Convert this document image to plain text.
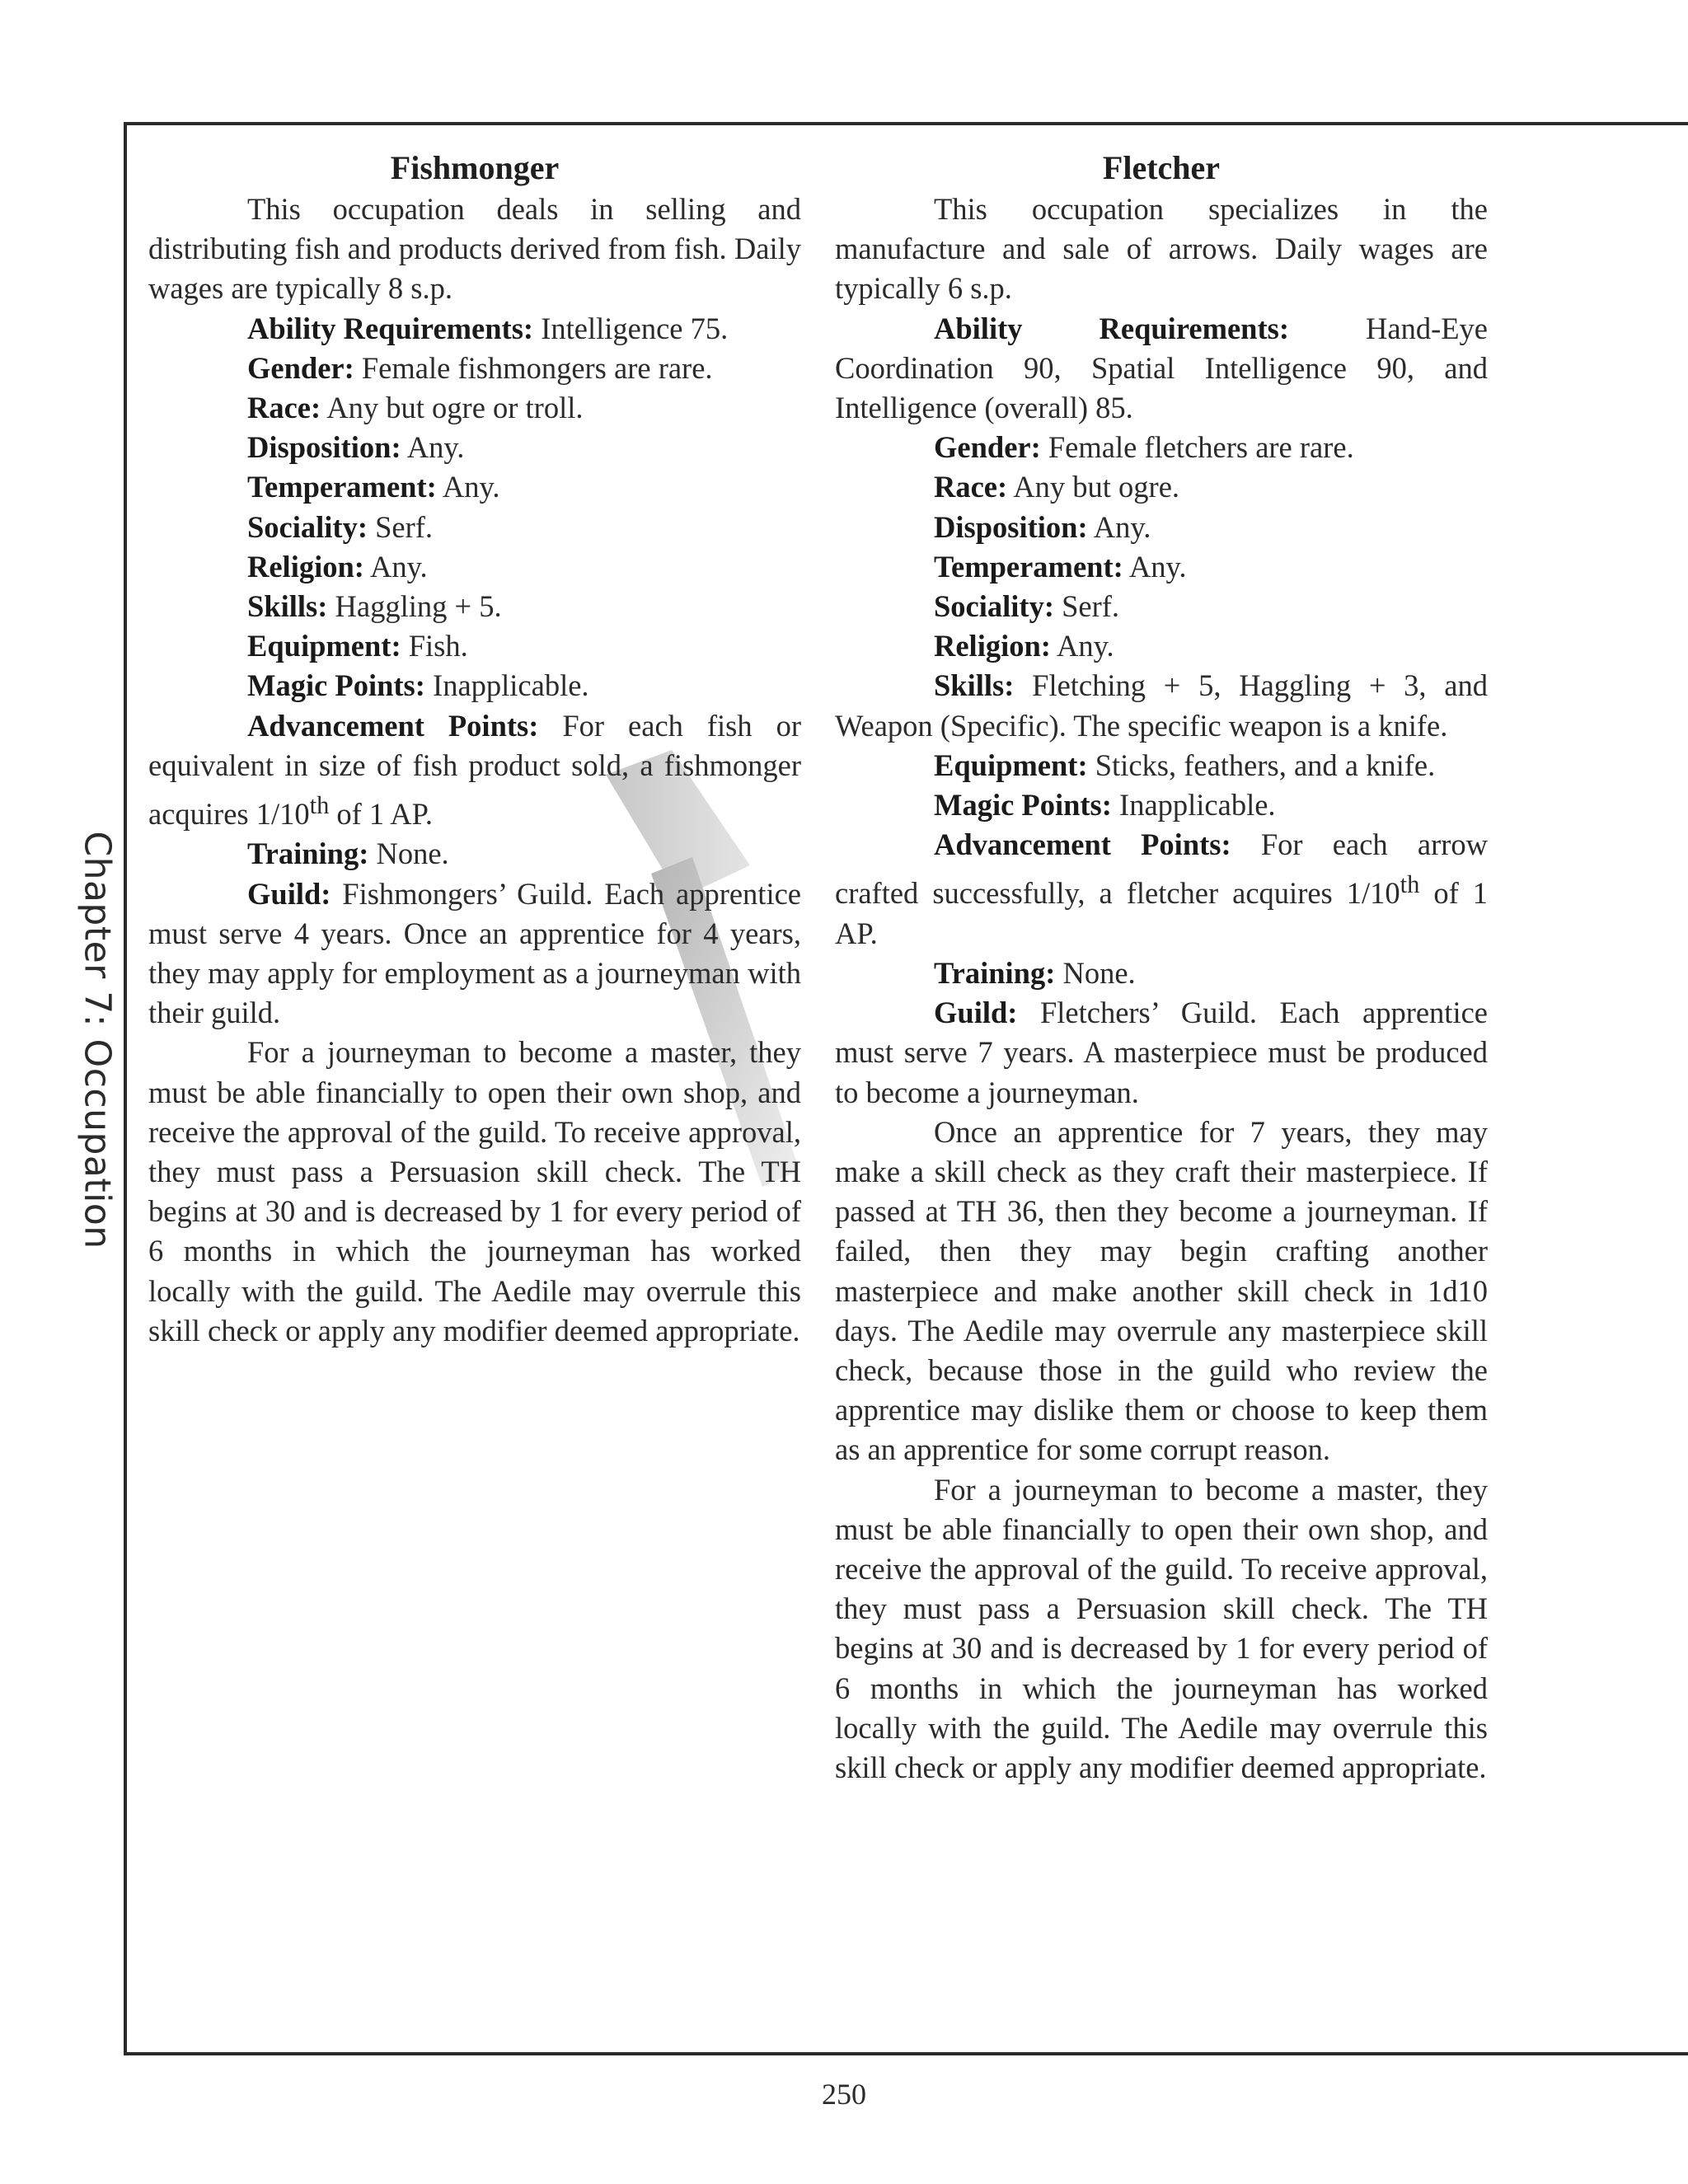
Chapter 7: Occupation
Fishmonger

This occupation deals in selling and distributing fish and products derived from fish. Daily wages are typically 8 s.p.

Ability Requirements: Intelligence 75.

Gender: Female fishmongers are rare.

Race: Any but ogre or troll.

Disposition: Any.

Temperament: Any.

Sociality: Serf.

Religion: Any.

Skills: Haggling + 5.

Equipment: Fish.

Magic Points: Inapplicable.

Advancement Points: For each fish or equivalent in size of fish product sold, a fishmonger acquires 1/10th of 1 AP.

Training: None.

Guild: Fishmongers’ Guild. Each apprentice must serve 4 years. Once an apprentice for 4 years, they may apply for employment as a journeyman with their guild.

For a journeyman to become a master, they must be able financially to open their own shop, and receive the approval of the guild. To receive approval, they must pass a Persuasion skill check. The TH begins at 30 and is decreased by 1 for every period of 6 months in which the journeyman has worked locally with the guild. The Aedile may overrule this skill check or apply any modifier deemed appropriate.

Fletcher

This occupation specializes in the manufacture and sale of arrows. Daily wages are typically 6 s.p.

Ability Requirements: Hand-Eye Coordination 90, Spatial Intelligence 90, and Intelligence (overall) 85.

Gender: Female fletchers are rare.

Race: Any but ogre.

Disposition: Any.

Temperament: Any.

Sociality: Serf.

Religion: Any.

Skills: Fletching + 5, Haggling + 3, and Weapon (Specific). The specific weapon is a knife.

Equipment: Sticks, feathers, and a knife.

Magic Points: Inapplicable.

Advancement Points: For each arrow crafted successfully, a fletcher acquires 1/10th of 1 AP.

Training: None.

Guild: Fletchers’ Guild. Each apprentice must serve 7 years. A masterpiece must be produced to become a journeyman.

Once an apprentice for 7 years, they may make a skill check as they craft their masterpiece. If passed at TH 36, then they become a journeyman. If failed, then they may begin crafting another masterpiece and make another skill check in 1d10 days. The Aedile may overrule any masterpiece skill check, because those in the guild who review the apprentice may dislike them or choose to keep them as an apprentice for some corrupt reason.

For a journeyman to become a master, they must be able financially to open their own shop, and receive the approval of the guild. To receive approval, they must pass a Persuasion skill check. The TH begins at 30 and is decreased by 1 for every period of 6 months in which the journeyman has worked locally with the guild. The Aedile may overrule this skill check or apply any modifier deemed appropriate.

250
